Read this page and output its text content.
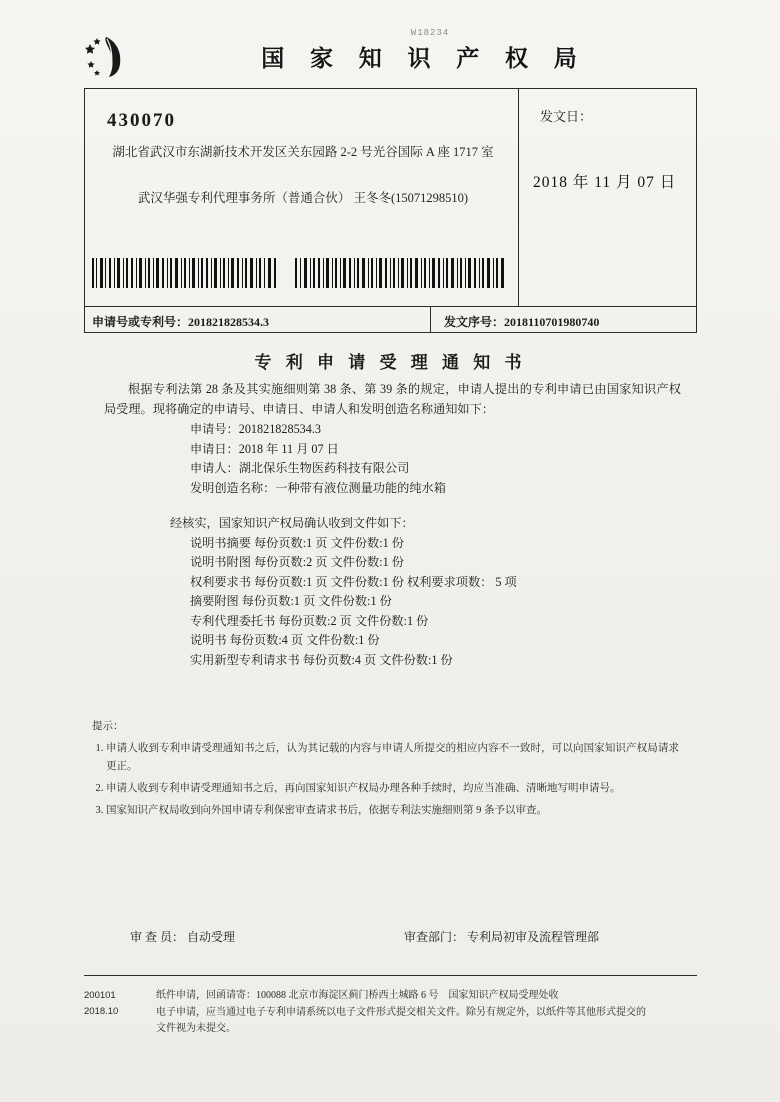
W18234
国 家 知 识 产 权 局
430070
湖北省武汉市东湖新技术开发区关东园路 2-2 号光谷国际 A 座 1717 室
武汉华强专利代理事务所（普通合伙） 王冬冬(15071298510)
发文日：
2018 年 11 月 07 日
申请号或专利号：201821828534.3	发文序号：2018110701980740
专 利 申 请 受 理 通 知 书
根据专利法第 28 条及其实施细则第 38 条、第 39 条的规定，申请人提出的专利申请已由国家知识产权局受理。现将确定的申请号、申请日、申请人和发明创造名称通知如下：
申请号：201821828534.3
申请日：2018 年 11 月 07 日
申请人：湖北保乐生物医药科技有限公司
发明创造名称：一种带有液位测量功能的纯水箱
经核实，国家知识产权局确认收到文件如下：
说明书摘要 每份页数:1 页 文件份数:1 份
说明书附图 每份页数:2 页 文件份数:1 份
权利要求书 每份页数:1 页 文件份数:1 份 权利要求项数： 5 项
摘要附图 每份页数:1 页 文件份数:1 份
专利代理委托书 每份页数:2 页 文件份数:1 份
说明书 每份页数:4 页 文件份数:1 份
实用新型专利请求书 每份页数:4 页 文件份数:1 份
提示：
1. 申请人收到专利申请受理通知书之后，认为其记载的内容与申请人所提交的相应内容不一致时，可以向国家知识产权局请求更正。
2. 申请人收到专利申请受理通知书之后，再向国家知识产权局办理各种手续时，均应当准确、清晰地写明申请号。
3. 国家知识产权局收到向外国申请专利保密审查请求书后，依据专利法实施细则第 9 条予以审查。
审 查 员： 自动受理	审查部门： 专利局初审及流程管理部
200101
2018.10
纸件申请，回函请寄：100088 北京市海淀区蓟门桥西土城路 6 号　国家知识产权局受理处收
电子申请，应当通过电子专利申请系统以电子文件形式提交相关文件。除另有规定外，以纸件等其他形式提交的
文件视为未提交。
